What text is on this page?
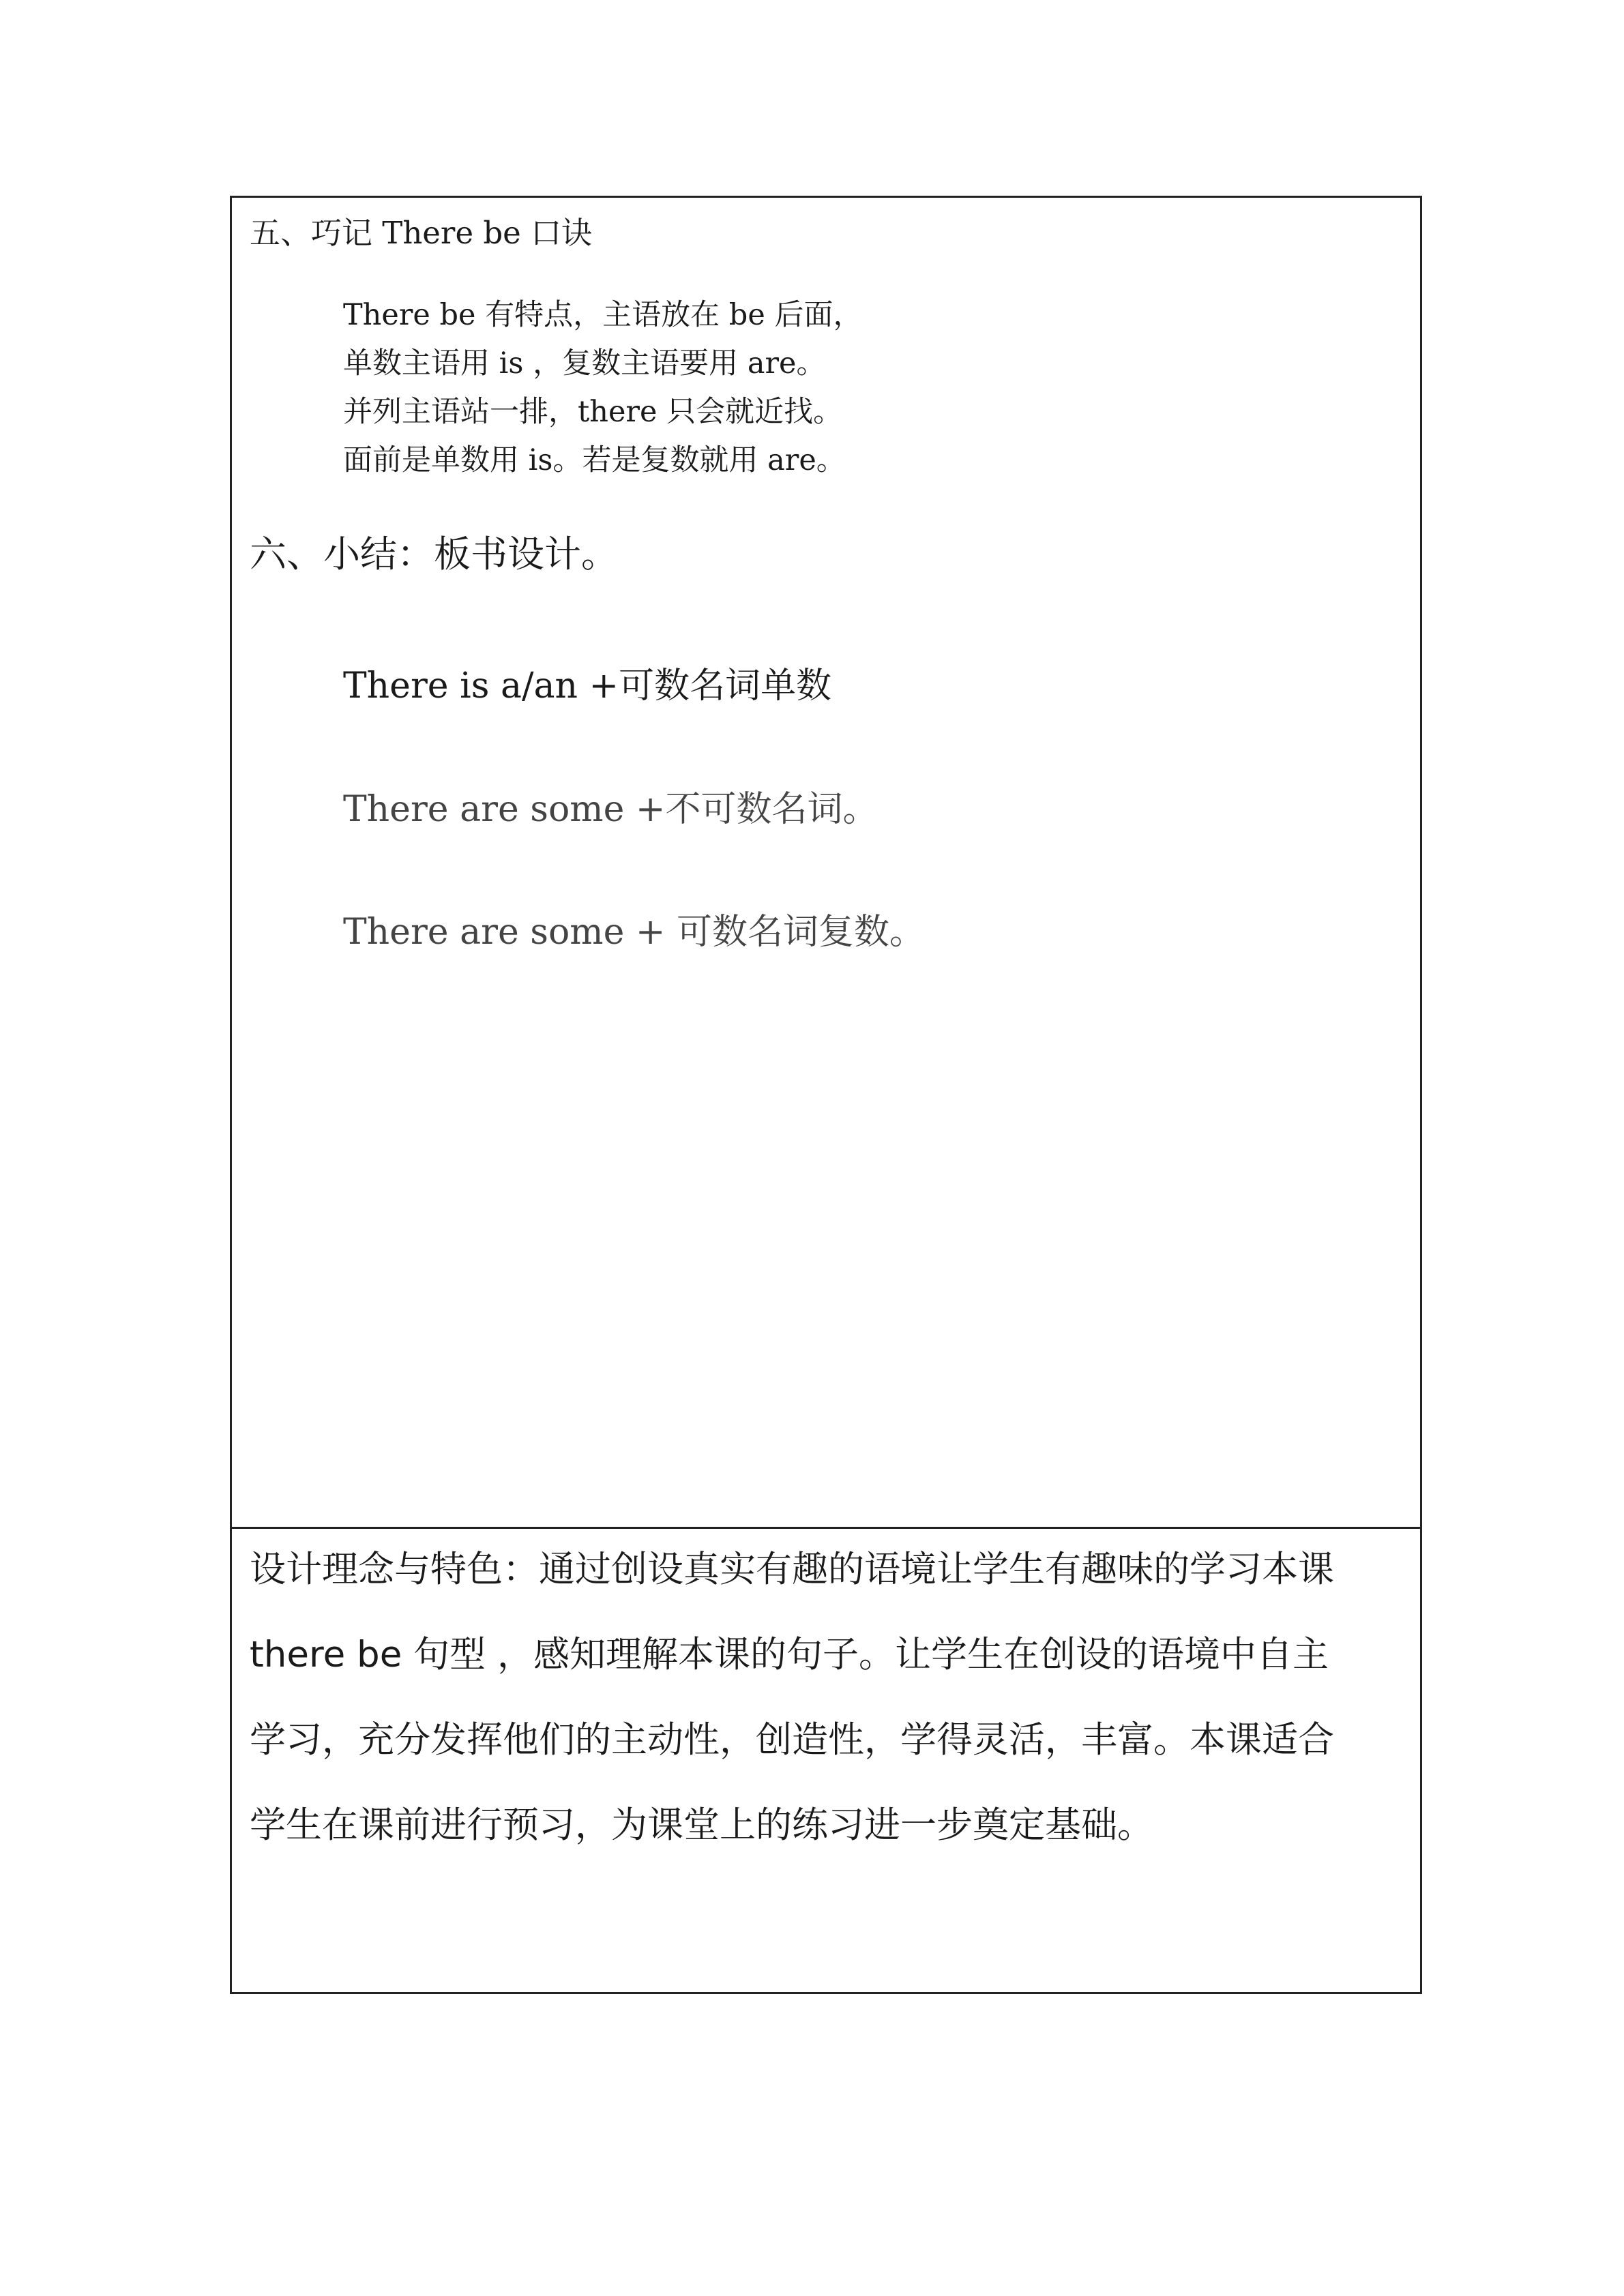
五、巧记 There be 口诀
There be 有特点，主语放在 be 后面，
单数主语用 is ，复数主语要用 are。
并列主语站一排，there 只会就近找。
面前是单数用 is。若是复数就用 are。
六、小结：板书设计。
There is a/an +可数名词单数
There are some +不可数名词。
There are some + 可数名词复数。
设计理念与特色：通过创设真实有趣的语境让学生有趣味的学习本课
there be 句型 ，感知理解本课的句子。让学生在创设的语境中自主
学习，充分发挥他们的主动性，创造性，学得灵活，丰富。本课适合
学生在课前进行预习，为课堂上的练习进一步奠定基础。
